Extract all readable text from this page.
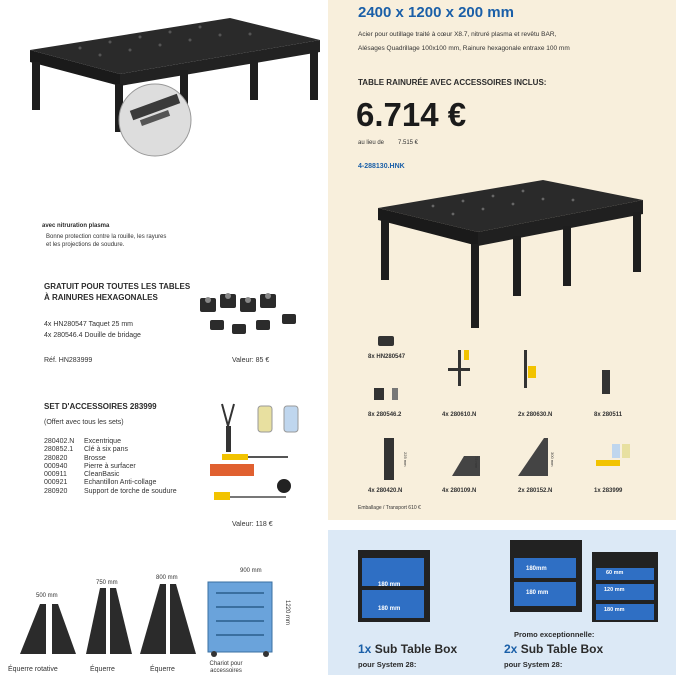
avec nitruration plasma
Bonne protection contre la rouille, les rayures
et les projections de soudure.
GRATUIT POUR TOUTES LES TABLES
À RAINURES HEXAGONALES
4x HN280547 Taquet 25 mm
4x 280546.4 Douille de bridage
Réf. HN283999	Valeur: 85 €
SET D'ACCESSOIRES 283999
(Offert avec tous les sets)
280402.N	Excentrique
280852.1	Clé à six pans
280820	Brosse
000940	Pierre à surfacer
000911	CleanBasic
000921	Echantillon Anti-collage
280920	Support de torche de soudure
Valeur: 118 €
500 mm
750 mm
800 mm
900 mm
1220 mm
Équerre rotative	Équerre	Équerre
Chariot pour accessoires
2400 x 1200 x 200 mm
Acier pour outillage traité à cœur X8.7, nitruré plasma et revêtu BAR,
Alésages Quadrillage 100x100 mm, Rainure hexagonale entraxe 100 mm
TABLE RAINURÉE AVEC ACCESSOIRES INCLUS:
6.714 €
au lieu de 7.515 €
4-288130.HNK
8x HN280547
8x 280546.2	4x 280610.N	2x 280630.N	8x 280511
4x 280420.N	4x 280109.N	2x 280152.N	1x 283999
225 mm	75 mm	300 mm
Emballage / Transport 610 €
180 mm
180 mm
180mm
180 mm
60 mm
120 mm
180 mm
Promo exceptionnelle:
1x Sub Table Box
pour System 28:
2x Sub Table Box
pour System 28:
